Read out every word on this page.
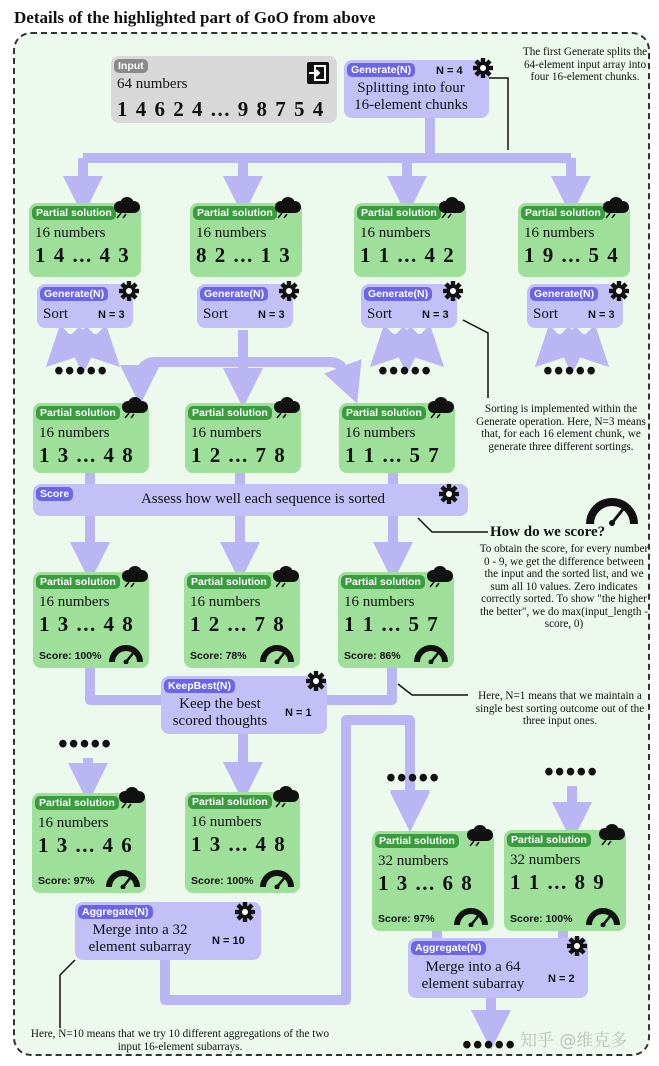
Details of the highlighted part of GoO from above
Input
64 numbers
1 4 6 2 4 ... 9 8 7 5 4
Generate(N)	N = 4
Splitting into four 16-element chunks
The first Generate splits the 64-element input array into four 16-element chunks.
Sorting is implemented within the Generate operation. Here, N=3 means that, for each 16 element chunk, we generate three different sortings.
Score	Assess how well each sequence is sorted
How do we score?
To obtain the score, for every number 0 - 9, we get the difference between the input and the sorted list, and we sum all 10 values. Zero indicates correctly sorted. To show "the higher the better", we do max(input_length - score, 0)
KeepBest(N)
Keep the best scored thoughts	N = 1
Here, N=1 means that we maintain a single best sorting outcome out of the three input ones.
•••••
•••••	•••••
Aggregate(N)
Merge into a 32 element subarray	N = 10
Here, N=10 means that we try 10 different aggregations of the two input 16-element subarrays.
Aggregate(N)
Merge into a 64 element subarray	N = 2
••••• 知乎 @维克多
Partial solution
16 numbers
1 4 ... 4 3
Partial solution
16 numbers
8 2 ... 1 3
Partial solution
16 numbers
1 1 ... 4 2
Partial solution
16 numbers
1 9 ... 5 4
Generate(N)
Sort	N = 3
Generate(N)
Sort	N = 3
Generate(N)
Sort	N = 3
Generate(N)
Sort	N = 3
•••••	•••••	•••••
Partial solution
16 numbers
1 3 ... 4 8
Partial solution
16 numbers
1 2 ... 7 8
Partial solution
16 numbers
1 1 ... 5 7
Partial solution
16 numbers
1 3 ... 4 8
Score: 100%
Partial solution
16 numbers
1 2 ... 7 8
Score: 78%
Partial solution
16 numbers
1 1 ... 5 7
Score: 86%
Partial solution
16 numbers
1 3 ... 4 6
Score: 97%
Partial solution
16 numbers
1 3 ... 4 8
Score: 100%
Partial solution
32 numbers
1 3 ... 6 8
Score: 97%
Partial solution
32 numbers
1 1 ... 8 9
Score: 100%
